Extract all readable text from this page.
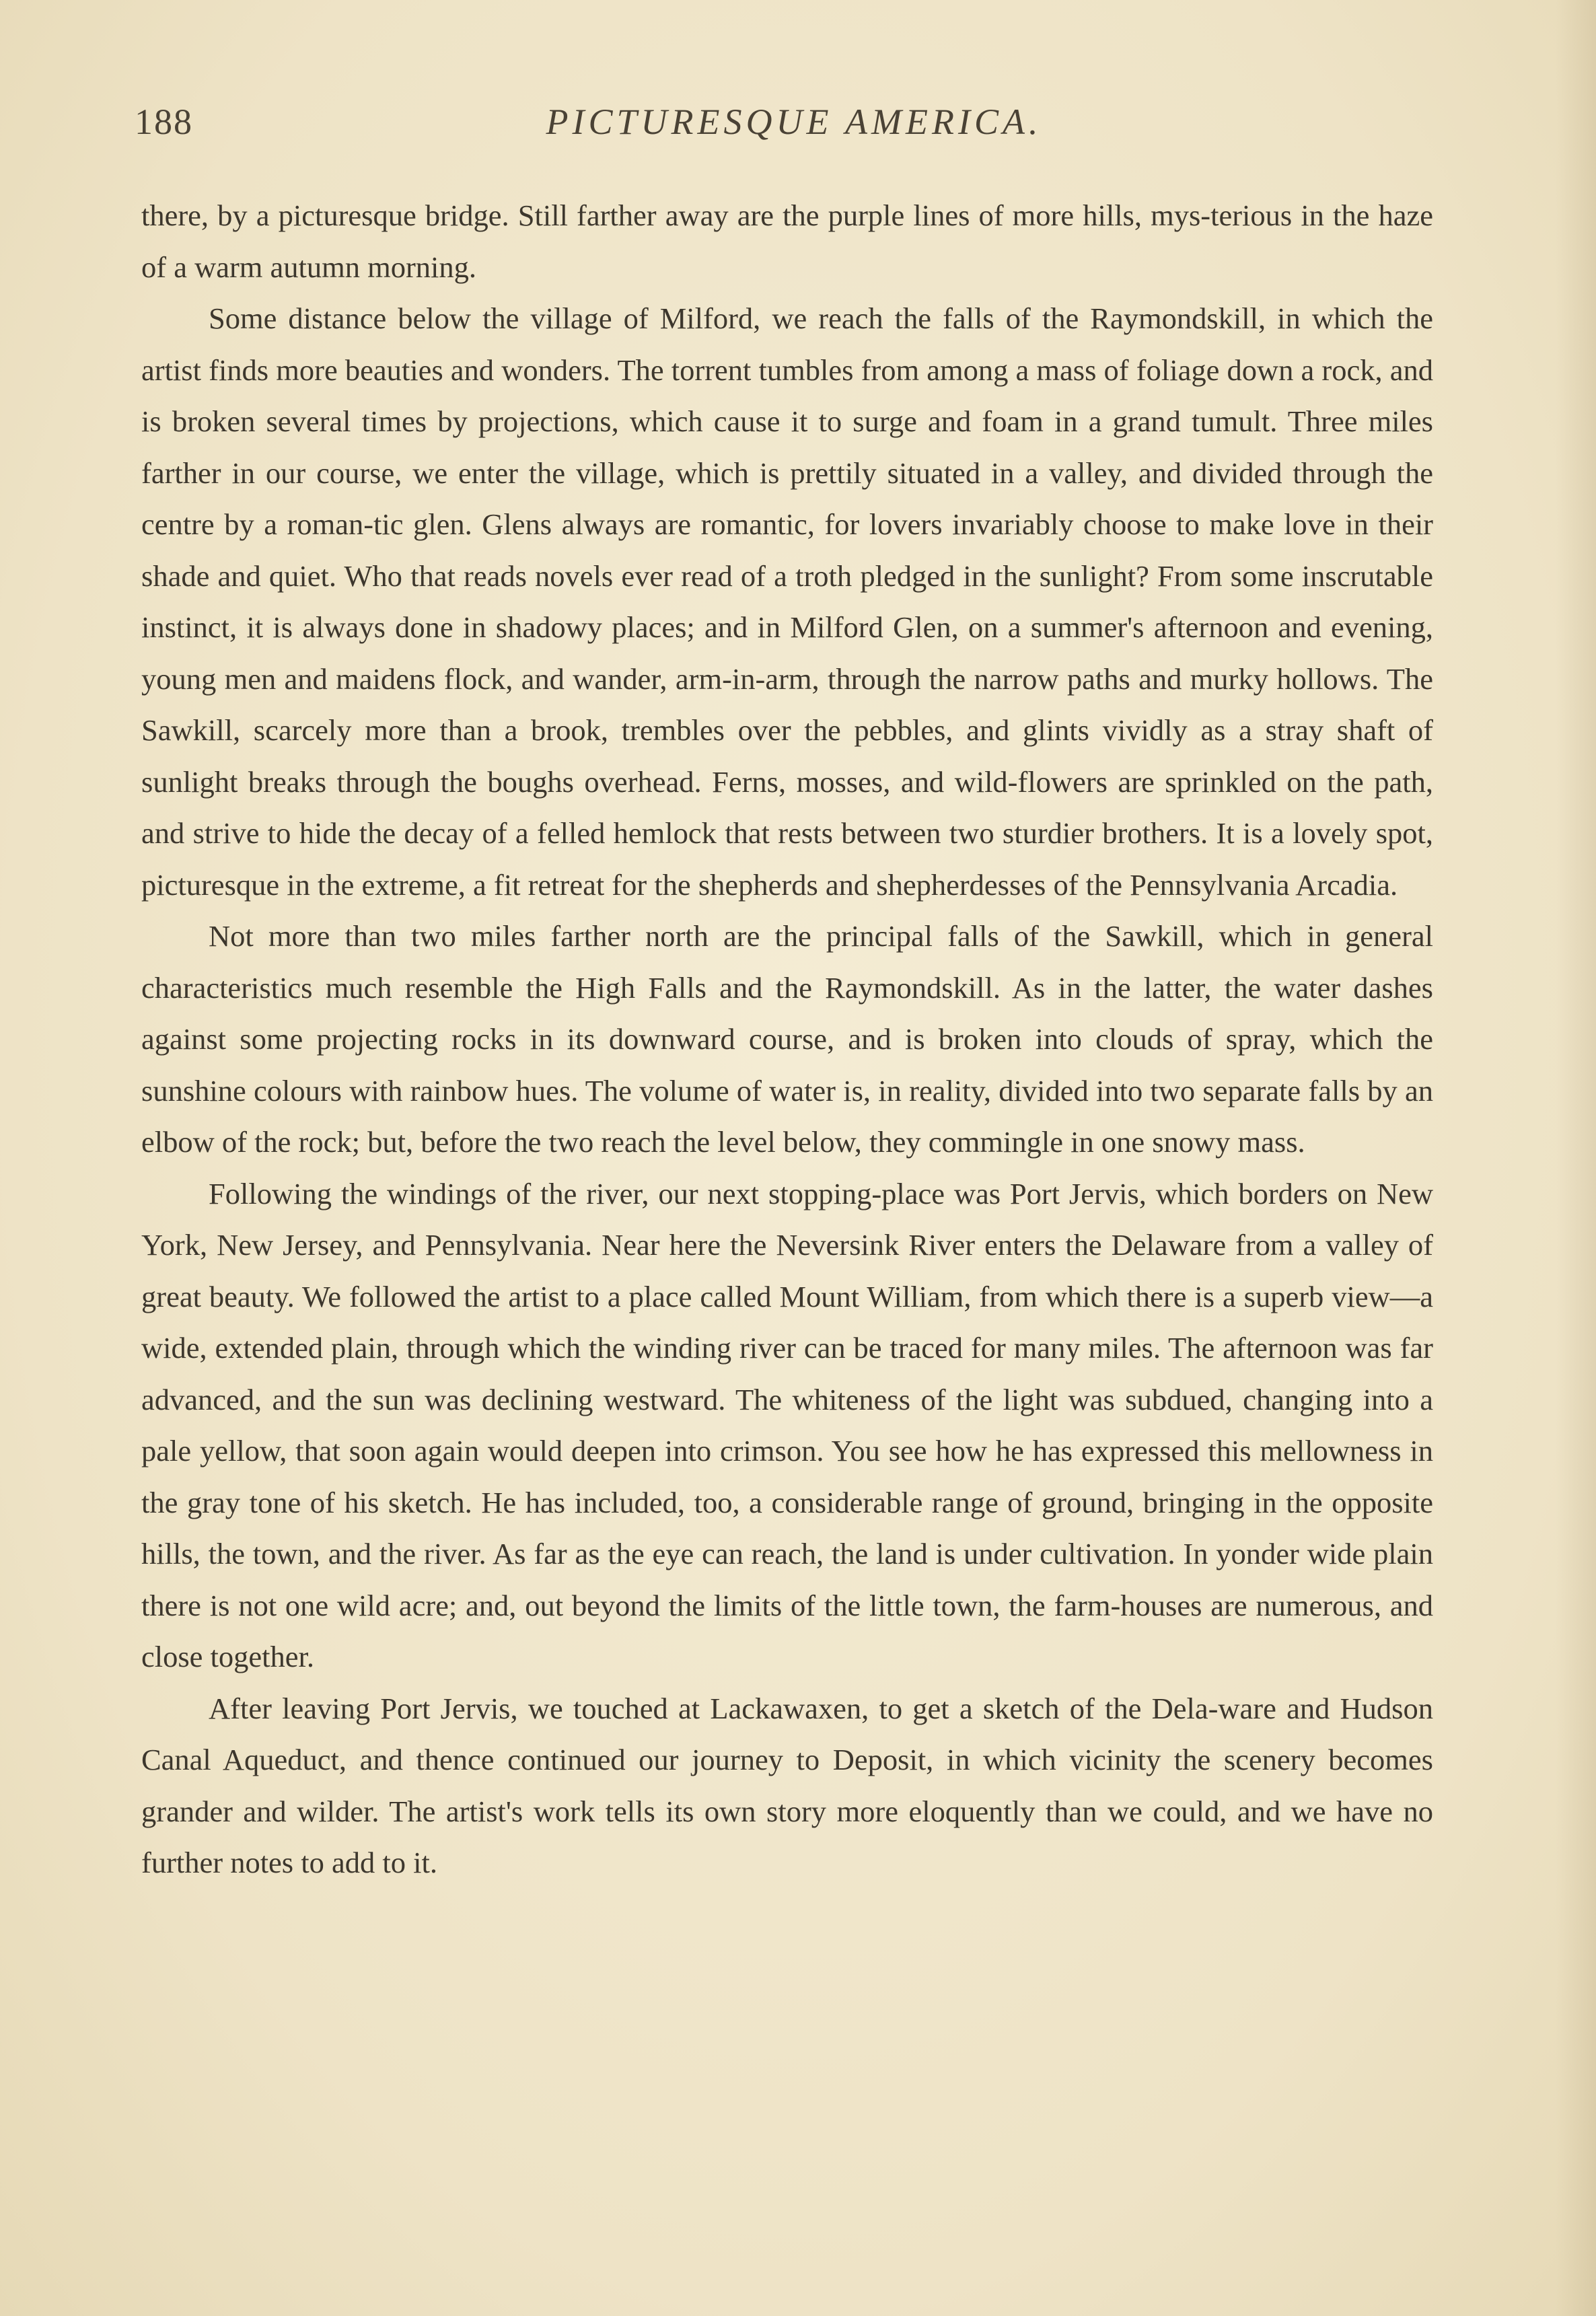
188	PICTURESQUE AMERICA.

there, by a picturesque bridge. Still farther away are the purple lines of more hills, mys-terious in the haze of a warm autumn morning.

Some distance below the village of Milford, we reach the falls of the Raymondskill, in which the artist finds more beauties and wonders. The torrent tumbles from among a mass of foliage down a rock, and is broken several times by projections, which cause it to surge and foam in a grand tumult. Three miles farther in our course, we enter the village, which is prettily situated in a valley, and divided through the centre by a roman-tic glen. Glens always are romantic, for lovers invariably choose to make love in their shade and quiet. Who that reads novels ever read of a troth pledged in the sunlight? From some inscrutable instinct, it is always done in shadowy places; and in Milford Glen, on a summer's afternoon and evening, young men and maidens flock, and wander, arm-in-arm, through the narrow paths and murky hollows. The Sawkill, scarcely more than a brook, trembles over the pebbles, and glints vividly as a stray shaft of sunlight breaks through the boughs overhead. Ferns, mosses, and wild-flowers are sprinkled on the path, and strive to hide the decay of a felled hemlock that rests between two sturdier brothers. It is a lovely spot, picturesque in the extreme, a fit retreat for the shepherds and shepherdesses of the Pennsylvania Arcadia.

Not more than two miles farther north are the principal falls of the Sawkill, which in general characteristics much resemble the High Falls and the Raymondskill. As in the latter, the water dashes against some projecting rocks in its downward course, and is broken into clouds of spray, which the sunshine colours with rainbow hues. The volume of water is, in reality, divided into two separate falls by an elbow of the rock; but, before the two reach the level below, they commingle in one snowy mass.

Following the windings of the river, our next stopping-place was Port Jervis, which borders on New York, New Jersey, and Pennsylvania. Near here the Neversink River enters the Delaware from a valley of great beauty. We followed the artist to a place called Mount William, from which there is a superb view—a wide, extended plain, through which the winding river can be traced for many miles. The afternoon was far advanced, and the sun was declining westward. The whiteness of the light was subdued, changing into a pale yellow, that soon again would deepen into crimson. You see how he has expressed this mellowness in the gray tone of his sketch. He has included, too, a considerable range of ground, bringing in the opposite hills, the town, and the river. As far as the eye can reach, the land is under cultivation. In yonder wide plain there is not one wild acre; and, out beyond the limits of the little town, the farm-houses are numerous, and close together.

After leaving Port Jervis, we touched at Lackawaxen, to get a sketch of the Dela-ware and Hudson Canal Aqueduct, and thence continued our journey to Deposit, in which vicinity the scenery becomes grander and wilder. The artist's work tells its own story more eloquently than we could, and we have no further notes to add to it.
